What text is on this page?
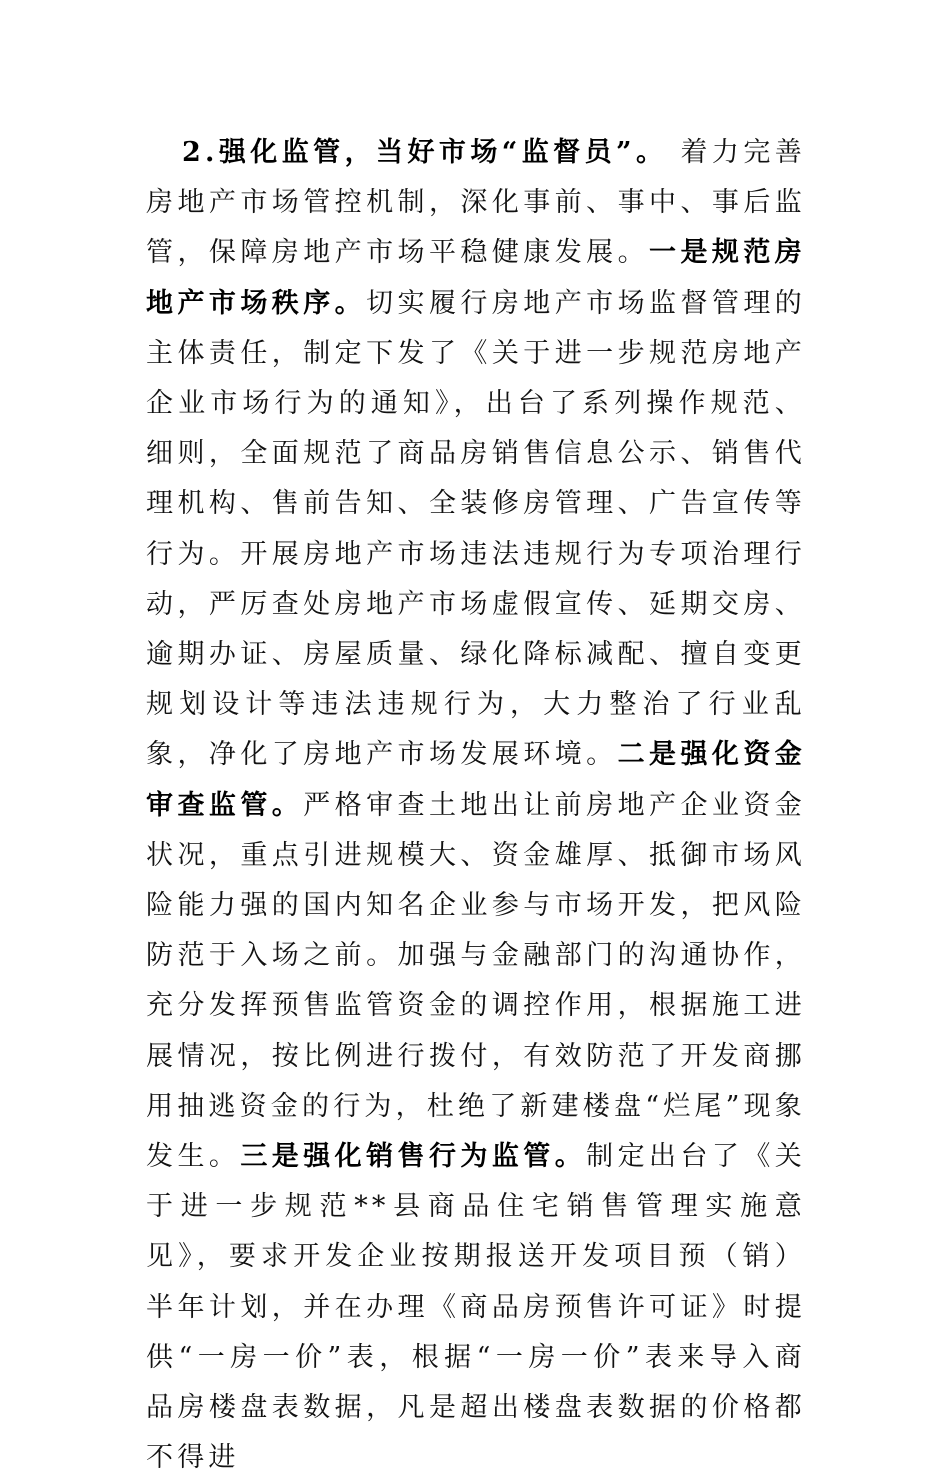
2.强化监管，当好市场“监督员”。 着力完善房地产市场管控机制，深化事前、事中、事后监管，保障房地产市场平稳健康发展。一是规范房地产市场秩序。切实履行房地产市场监督管理的主体责任，制定下发了《关于进一步规范房地产企业市场行为的通知》，出台了系列操作规范、细则，全面规范了商品房销售信息公示、销售代理机构、售前告知、全装修房管理、广告宣传等行为。开展房地产市场违法违规行为专项治理行动，严厉查处房地产市场虚假宣传、延期交房、逾期办证、房屋质量、绿化降标减配、擅自变更规划设计等违法违规行为，大力整治了行业乱象，净化了房地产市场发展环境。二是强化资金审查监管。严格审查土地出让前房地产企业资金状况，重点引进规模大、资金雄厚、抵御市场风险能力强的国内知名企业参与市场开发，把风险防范于入场之前。加强与金融部门的沟通协作，充分发挥预售监管资金的调控作用，根据施工进展情况，按比例进行拨付，有效防范了开发商挪用抽逃资金的行为，杜绝了新建楼盘“烂尾”现象发生。三是强化销售行为监管。制定出台了《关于进一步规范**县商品住宅销售管理实施意见》，要求开发企业按期报送开发项目预（销）半年计划，并在办理《商品房预售许可证》时提供“一房一价”表，根据“一房一价”表来导入商品房楼盘表数据，凡是超出楼盘表数据的价格都不得进
